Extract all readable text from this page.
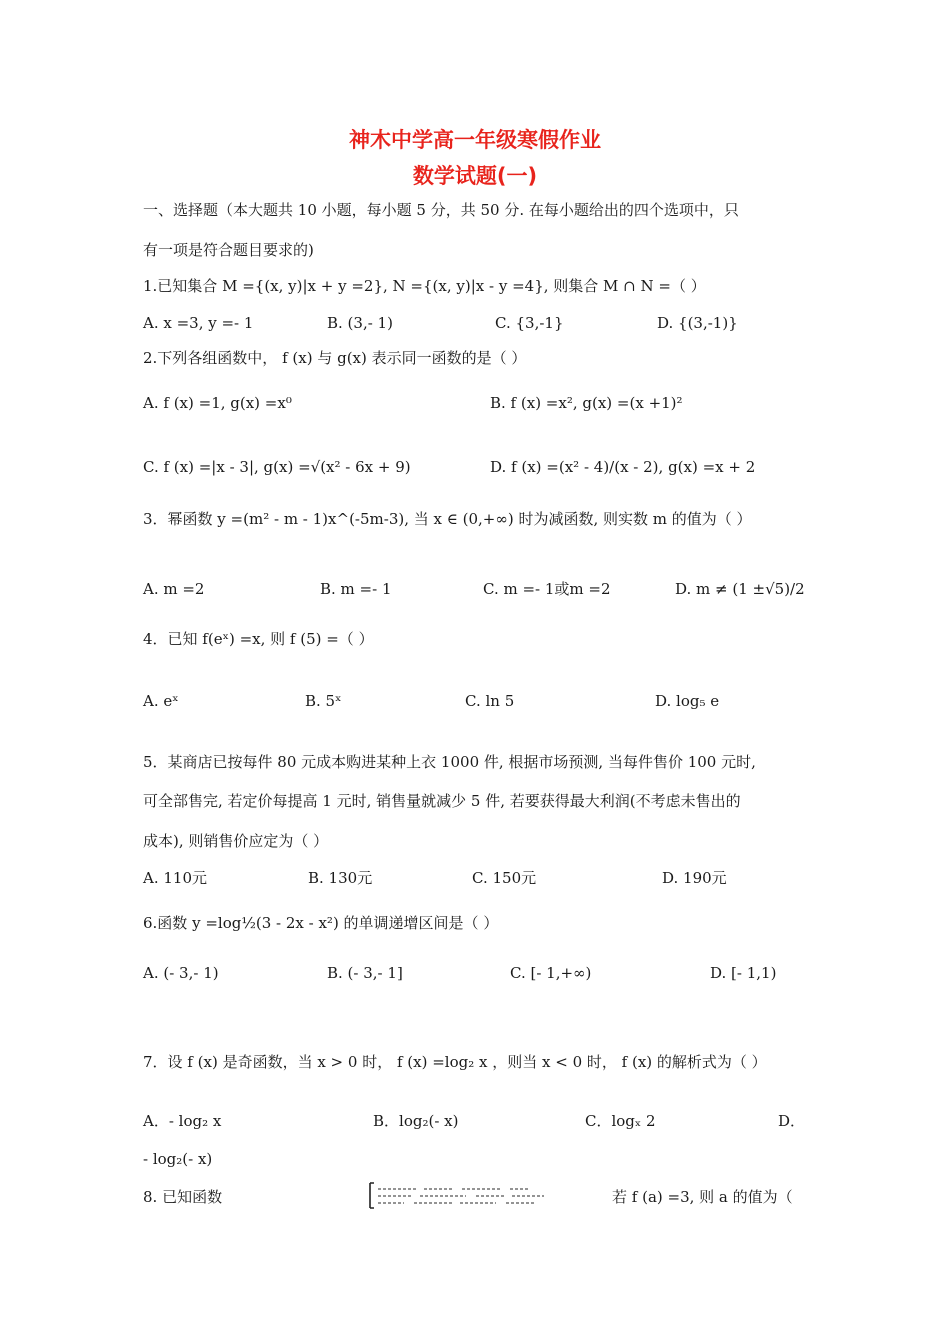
神木中学高一年级寒假作业
数学试题(一)
一、选择题（本大题共 10 小题，每小题 5 分，共 50 分. 在每小题给出的四个选项中，只
有一项是符合题目要求的)
1.已知集合 M ={(x, y)|x + y =2}, N ={(x, y)|x - y =4}, 则集合 M ∩ N =（ ）
A. x =3, y =- 1	B. (3,- 1)	C. {3,-1}	D. {(3,-1)}
2.下列各组函数中， f (x) 与 g(x) 表示同一函数的是（ ）
A. f (x) =1, g(x) =x⁰	B. f (x) =x², g(x) =(x +1)²
C. f (x) =|x - 3|, g(x) =√(x² - 6x + 9)	D. f (x) =(x² - 4)/(x - 2), g(x) =x + 2
3．幂函数 y =(m² - m - 1)x^(-5m-3), 当 x ∈ (0,+∞) 时为减函数, 则实数 m 的值为（ ）
A. m =2	B. m =- 1	C. m =- 1或m =2	D. m ≠ (1 ±√5)/2
4．已知 f(eˣ) =x, 则 f (5) =（ ）
A. eˣ	B. 5ˣ	C. ln 5	D. log₅ e
5．某商店已按每件 80 元成本购进某种上衣 1000 件, 根据市场预测, 当每件售价 100 元时,
可全部售完, 若定价每提高 1 元时, 销售量就减少 5 件, 若要获得最大利润(不考虑未售出的
成本), 则销售价应定为（ ）
A. 110元	B. 130元	C. 150元	D. 190元
6.函数 y =log½(3 - 2x - x²) 的单调递增区间是（ ）
A. (- 3,- 1)	B. (- 3,- 1]	C. [- 1,+∞)	D. [- 1,1)
7．设 f (x) 是奇函数，当 x > 0 时， f (x) =log₂ x ，则当 x < 0 时， f (x) 的解析式为（ ）
A．- log₂ x	B．log₂(- x)	C．logₓ 2	D．
- log₂(- x)
8. 已知函数	若 f (a) =3, 则 a 的值为（
